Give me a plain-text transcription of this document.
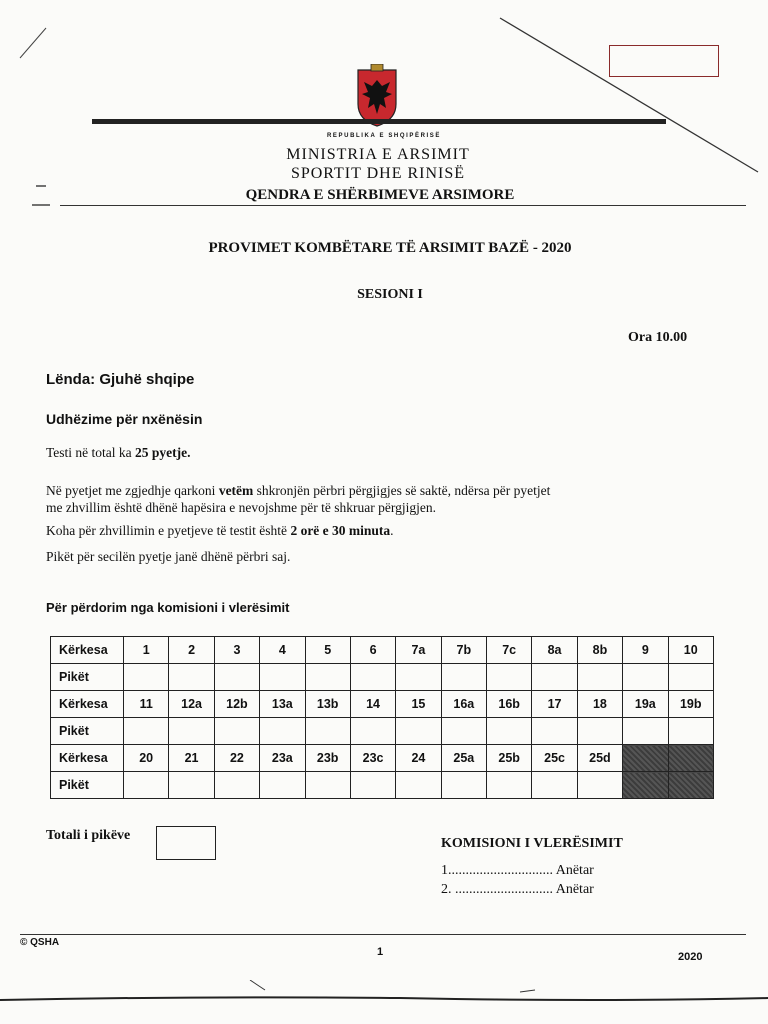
REPUBLIKA E SHQIPËRISË
MINISTRIA E ARSIMIT
SPORTIT DHE RINISË
QENDRA E SHËRBIMEVE ARSIMORE
PROVIMET KOMBËTARE TË ARSIMIT BAZË - 2020
SESIONI I
Ora 10.00
Lënda: Gjuhë shqipe
Udhëzime për nxënësin
Testi në total ka 25 pyetje.
Në pyetjet me zgjedhje qarkoni vetëm shkronjën përbri përgjigjes së saktë, ndërsa për pyetjet
me zhvillim është dhënë hapësira e nevojshme për të shkruar përgjigjen.
Koha për zhvillimin e pyetjeve të testit është 2 orë e 30 minuta.
Pikët për secilën pyetje janë dhënë përbri saj.
Për përdorim nga komisioni i vlerësimit
Kërkesa	1	2	3	4	5	6	7a	7b	7c	8a	8b	9	10
Pikët													
Kërkesa	11	12a	12b	13a	13b	14	15	16a	16b	17	18	19a	19b
Pikët													
Kërkesa	20	21	22	23a	23b	23c	24	25a	25b	25c	25d		
Pikët													
Totali i pikëve
KOMISIONI I VLERËSIMIT
1.............................. Anëtar
2. ............................ Anëtar
© QSHA
1	2020
